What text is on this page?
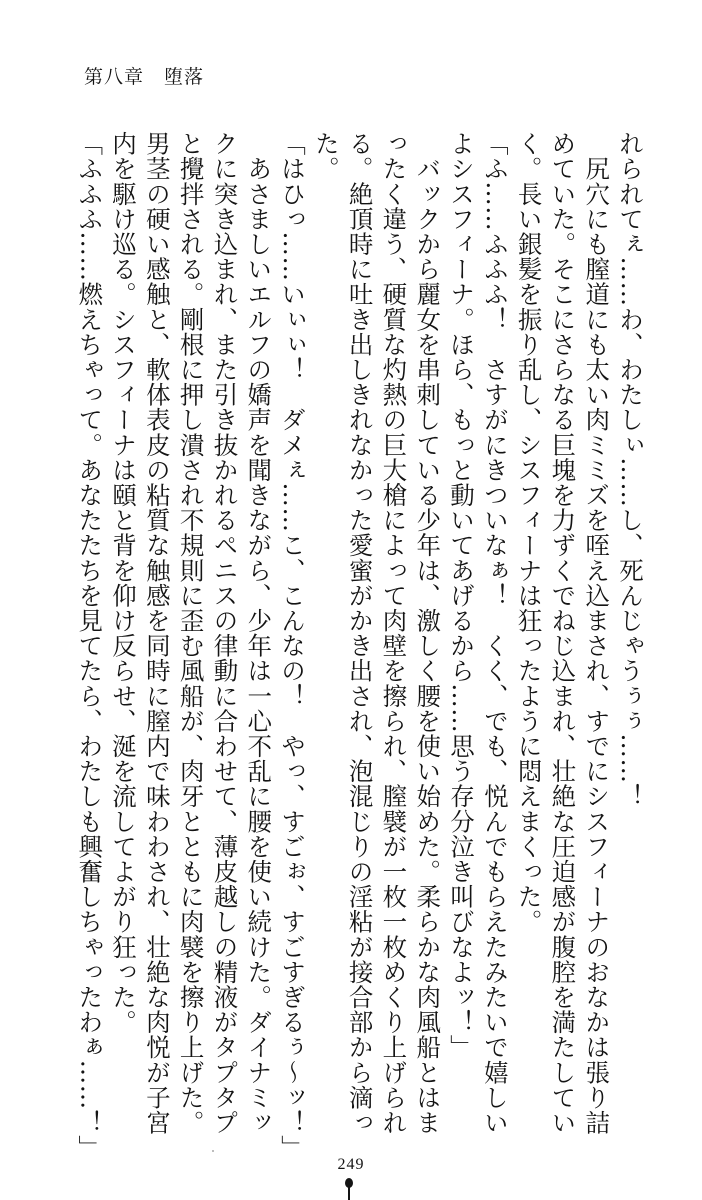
第八章　堕落
れられてぇ……わ、わたしぃ……し、死んじゃうぅぅ……！
　尻穴にも膣道にも太い肉ミミズを咥え込まされ、すでにシスフィーナのおなかは張り詰
めていた。そこにさらなる巨塊を力ずくでねじ込まれ、壮絶な圧迫感が腹腔を満たしてい
く。長い銀髪を振り乱し、シスフィーナは狂ったように悶えまくった。
「ふ……ふふふ！　さすがにきついなぁ！　くく、でも、悦んでもらえたみたいで嬉しい
よシスフィーナ。ほら、もっと動いてあげるから……思う存分泣き叫びなよッ！」
　バックから麗女を串刺している少年は、激しく腰を使い始めた。柔らかな肉風船とはま
ったく違う、硬質な灼熱の巨大槍によって肉壁を擦られ、膣襞が一枚一枚めくり上げられ
る。絶頂時に吐き出しきれなかった愛蜜がかき出され、泡混じりの淫粘が接合部から滴っ
た。
「はひっ……いぃぃ！　ダメぇ……こ、こんなの！　やっ、すごぉ、すごすぎるぅ〜ッ！」
　あさましいエルフの嬌声を聞きながら、少年は一心不乱に腰を使い続けた。ダイナミッ
クに突き込まれ、また引き抜かれるペニスの律動に合わせて、薄皮越しの精液がタプタプ
と攪拌される。剛根に押し潰され不規則に歪む風船が、肉牙とともに肉襞を擦り上げた。
男茎の硬い感触と、軟体表皮の粘質な触感を同時に膣内で味わわされ、壮絶な肉悦が子宮
内を駆け巡る。シスフィーナは頤と背を仰け反らせ、涎を流してよがり狂った。
「ふふふ……燃えちゃって。あなたたちを見てたら、わたしも興奮しちゃったわぁ……！」
249
